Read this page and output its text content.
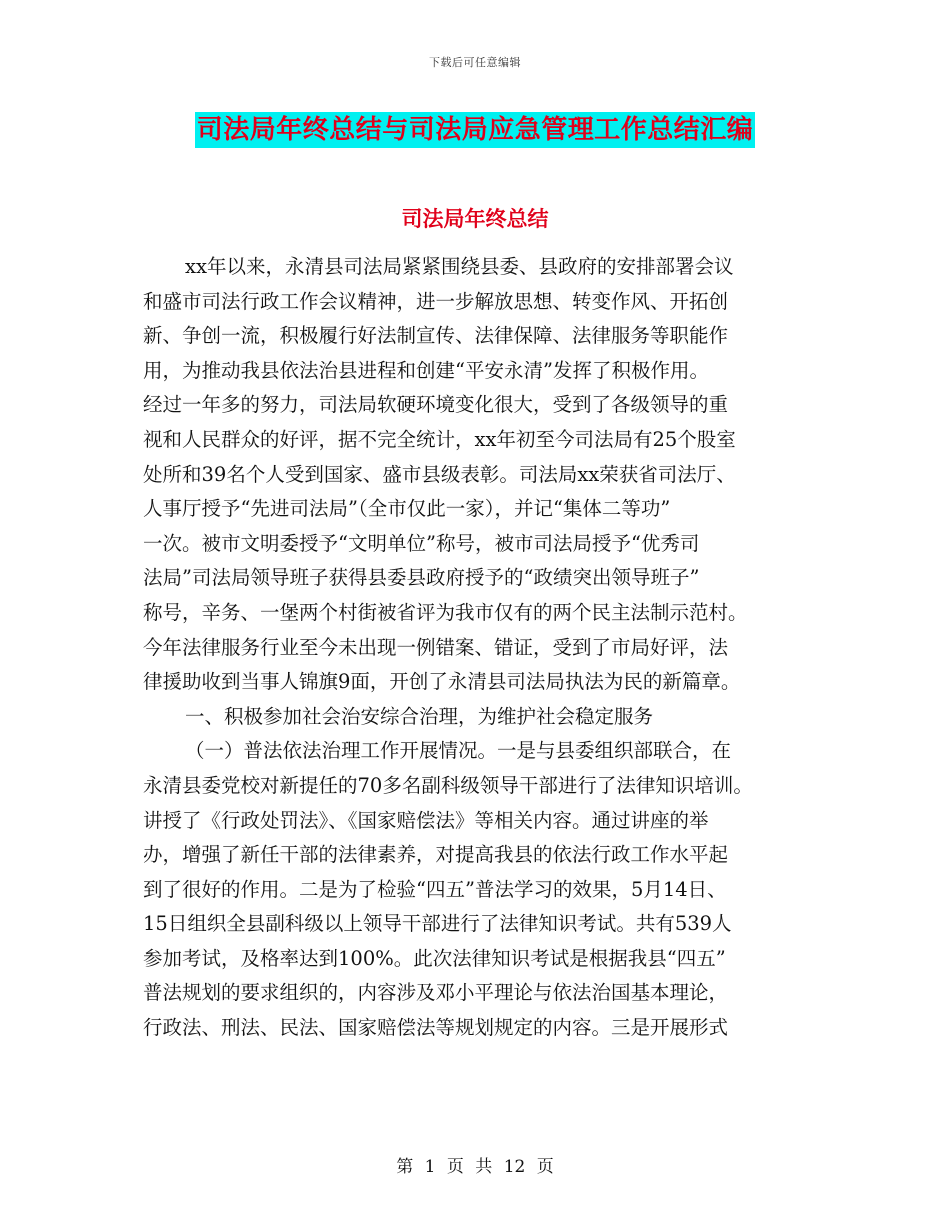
下载后可任意编辑
司法局年终总结与司法局应急管理工作总结汇编
司法局年终总结
xx年以来，永清县司法局紧紧围绕县委、县政府的安排部署会议
和盛市司法行政工作会议精神，进一步解放思想、转变作风、开拓创
新、争创一流，积极履行好法制宣传、法律保障、法律服务等职能作
用，为推动我县依法治县进程和创建“平安永清”发挥了积极作用。
经过一年多的努力，司法局软硬环境变化很大，受到了各级领导的重
视和人民群众的好评，据不完全统计，xx年初至今司法局有25个股室
处所和39名个人受到国家、盛市县级表彰。司法局xx荣获省司法厅、
人事厅授予“先进司法局”（全市仅此一家），并记“集体二等功”
一次。被市文明委授予“文明单位”称号，被市司法局授予“优秀司
法局”司法局领导班子获得县委县政府授予的“政绩突出领导班子”
称号，辛务、一堡两个村街被省评为我市仅有的两个民主法制示范村。
今年法律服务行业至今未出现一例错案、错证，受到了市局好评，法
律援助收到当事人锦旗9面，开创了永清县司法局执法为民的新篇章。
一、积极参加社会治安综合治理，为维护社会稳定服务
（一）普法依法治理工作开展情况。一是与县委组织部联合，在
永清县委党校对新提任的70多名副科级领导干部进行了法律知识培训。
讲授了《行政处罚法》、《国家赔偿法》等相关内容。通过讲座的举
办，增强了新任干部的法律素养，对提高我县的依法行政工作水平起
到了很好的作用。二是为了检验“四五”普法学习的效果，5月14日、
15日组织全县副科级以上领导干部进行了法律知识考试。共有539人
参加考试，及格率达到100%。此次法律知识考试是根据我县“四五”
普法规划的要求组织的，内容涉及邓小平理论与依法治国基本理论，
行政法、刑法、民法、国家赔偿法等规划规定的内容。三是开展形式
第 1 页 共 12 页
